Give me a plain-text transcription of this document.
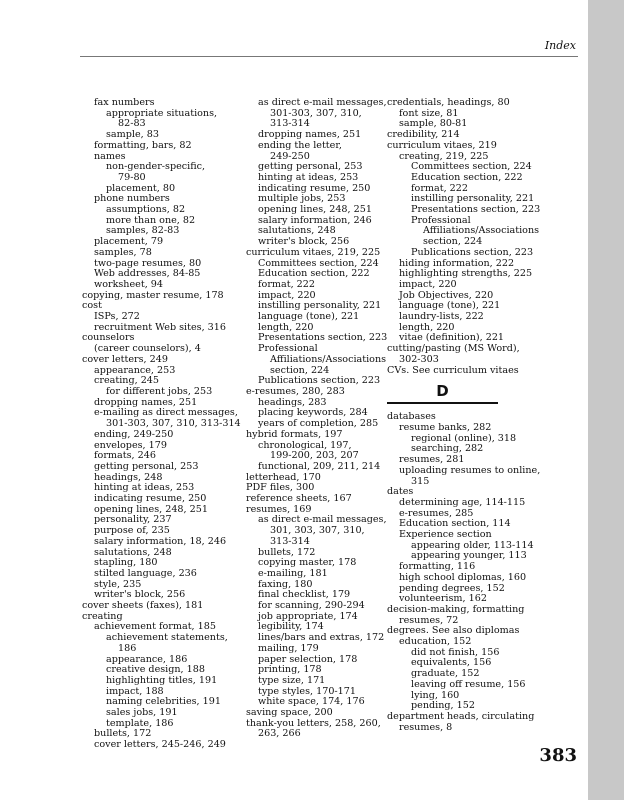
Index
fax numbers
appropriate situations,
82-83
sample, 83
formatting, bars, 82
names
non-gender-specific,
79-80
placement, 80
phone numbers
assumptions, 82
more than one, 82
samples, 82-83
placement, 79
samples, 78
two-page resumes, 80
Web addresses, 84-85
worksheet, 94
copying, master resume, 178
cost
ISPs, 272
recruitment Web sites, 316
counselors
(career counselors), 4
cover letters, 249
appearance, 253
creating, 245
for different jobs, 253
dropping names, 251
e-mailing as direct messages,
301-303, 307, 310, 313-314
ending, 249-250
envelopes, 179
formats, 246
getting personal, 253
headings, 248
hinting at ideas, 253
indicating resume, 250
opening lines, 248, 251
personality, 237
purpose of, 235
salary information, 18, 246
salutations, 248
stapling, 180
stilted language, 236
style, 235
writer's block, 256
cover sheets (faxes), 181
creating
achievement format, 185
achievement statements,
186
appearance, 186
creative design, 188
highlighting titles, 191
impact, 188
naming celebrities, 191
sales jobs, 191
template, 186
bullets, 172
cover letters, 245-246, 249
as direct e-mail messages,
301-303, 307, 310,
313-314
dropping names, 251
ending the letter,
249-250
getting personal, 253
hinting at ideas, 253
indicating resume, 250
multiple jobs, 253
opening lines, 248, 251
salary information, 246
salutations, 248
writer's block, 256
curriculum vitaes, 219, 225
Committees section, 224
Education section, 222
format, 222
impact, 220
instilling personality, 221
language (tone), 221
length, 220
Presentations section, 223
Professional
Affiliations/Associations
section, 224
Publications section, 223
e-resumes, 280, 283
headings, 283
placing keywords, 284
years of completion, 285
hybrid formats, 197
chronological, 197,
199-200, 203, 207
functional, 209, 211, 214
letterhead, 170
PDF files, 300
reference sheets, 167
resumes, 169
as direct e-mail messages,
301, 303, 307, 310,
313-314
bullets, 172
copying master, 178
e-mailing, 181
faxing, 180
final checklist, 179
for scanning, 290-294
job appropriate, 174
legibility, 174
lines/bars and extras, 172
mailing, 179
paper selection, 178
printing, 178
type size, 171
type styles, 170-171
white space, 174, 176
saving space, 200
thank-you letters, 258, 260,
263, 266
credentials, headings, 80
font size, 81
sample, 80-81
credibility, 214
curriculum vitaes, 219
creating, 219, 225
Committees section, 224
Education section, 222
format, 222
instilling personality, 221
Presentations section, 223
Professional
Affiliations/Associations
section, 224
Publications section, 223
hiding information, 222
highlighting strengths, 225
impact, 220
Job Objectives, 220
language (tone), 221
laundry-lists, 222
length, 220
vitae (definition), 221
cutting/pasting (MS Word),
302-303
CVs. See curriculum vitaes
D
databases
resume banks, 282
regional (online), 318
searching, 282
resumes, 281
uploading resumes to online,
315
dates
determining age, 114-115
e-resumes, 285
Education section, 114
Experience section
appearing older, 113-114
appearing younger, 113
formatting, 116
high school diplomas, 160
pending degrees, 152
volunteerism, 162
decision-making, formatting
resumes, 72
degrees. See also diplomas
education, 152
did not finish, 156
equivalents, 156
graduate, 152
leaving off resume, 156
lying, 160
pending, 152
department heads, circulating
resumes, 8
383
